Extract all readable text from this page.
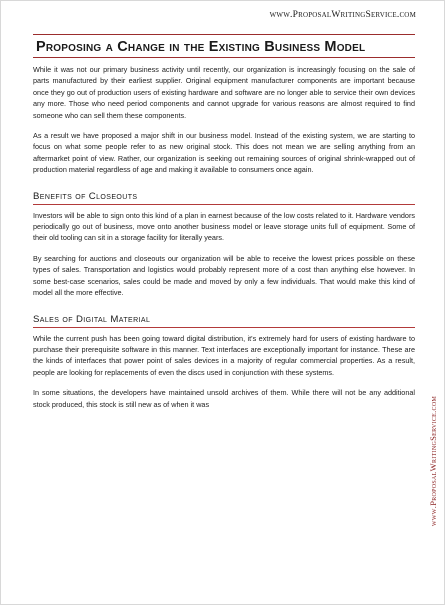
www.ProposalWritingService.com
www.ProposalWritingService.com
Proposing a Change in the Existing Business Model

While it was not our primary business activity until recently, our organization is increasingly focusing on the sale of parts manufactured by their earliest supplier. Original equipment manufacturer components are important because once they go out of production users of existing hardware and software are no longer able to service their own devices any more. Those who need period components and cannot upgrade for various reasons are almost required to find someone who can sell them these components.

As a result we have proposed a major shift in our business model. Instead of the existing system, we are starting to focus on what some people refer to as new original stock. This does not mean we are selling anything from an aftermarket point of view. Rather, our organization is seeking out remaining sources of original shrink-wrapped out of production material regardless of age and making it available to consumers once again.

Benefits of Closeouts

Investors will be able to sign onto this kind of a plan in earnest because of the low costs related to it. Hardware vendors periodically go out of business, move onto another business model or leave storage units full of equipment. Some of their old tooling can sit in a storage facility for literally years.

By searching for auctions and closeouts our organization will be able to receive the lowest prices possible on these types of sales. Transportation and logistics would probably represent more of a cost than anything else however. In some best-case scenarios, sales could be made and moved by only a few individuals. That would make this kind of model all the more effective.

Sales of Digital Material

While the current push has been going toward digital distribution, it's extremely hard for users of existing hardware to purchase their prerequisite software in this manner. Text interfaces are exceptionally important for instance. These are the kinds of interfaces that power point of sales devices in a majority of regular commercial properties. As a result, people are looking for replacements of even the discs used in conjunction with these systems.

In some situations, the developers have maintained unsold archives of them. While there will not be any additional stock produced, this stock is still new as of when it was
